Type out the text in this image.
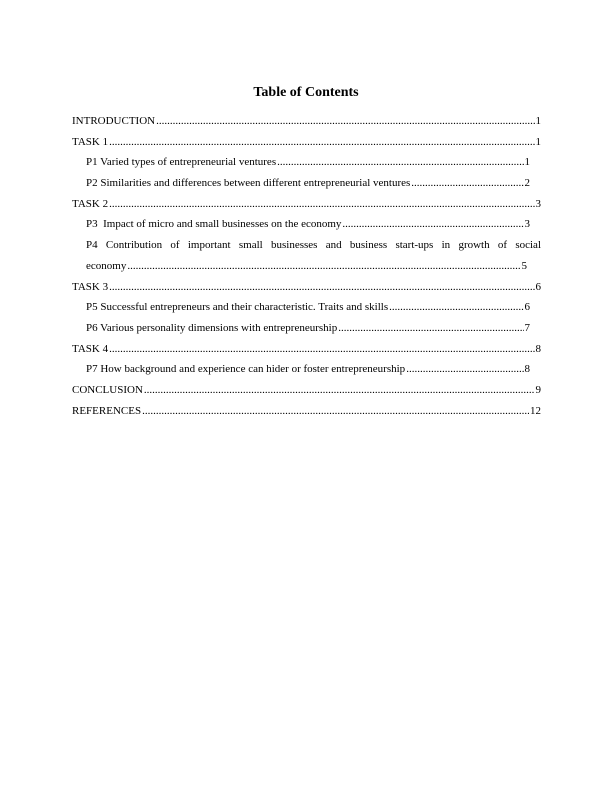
Table of Contents
INTRODUCTION .....	1
TASK 1 .....	1
P1 Varied types of entrepreneurial ventures .....	1
P2 Similarities and differences between different entrepreneurial ventures .....	2
TASK 2 .....	3
P3  Impact of micro and small businesses on the economy .....	3
P4 Contribution of important small businesses and business start-ups in growth of social
economy .....	5
TASK 3 .....	6
P5 Successful entrepreneurs and their characteristic. Traits and skills .....	6
P6 Various personality dimensions with entrepreneurship .....	7
TASK 4 .....	8
P7 How background and experience can hider or foster entrepreneurship .....	8
CONCLUSION .....	9
REFERENCES .....	12
